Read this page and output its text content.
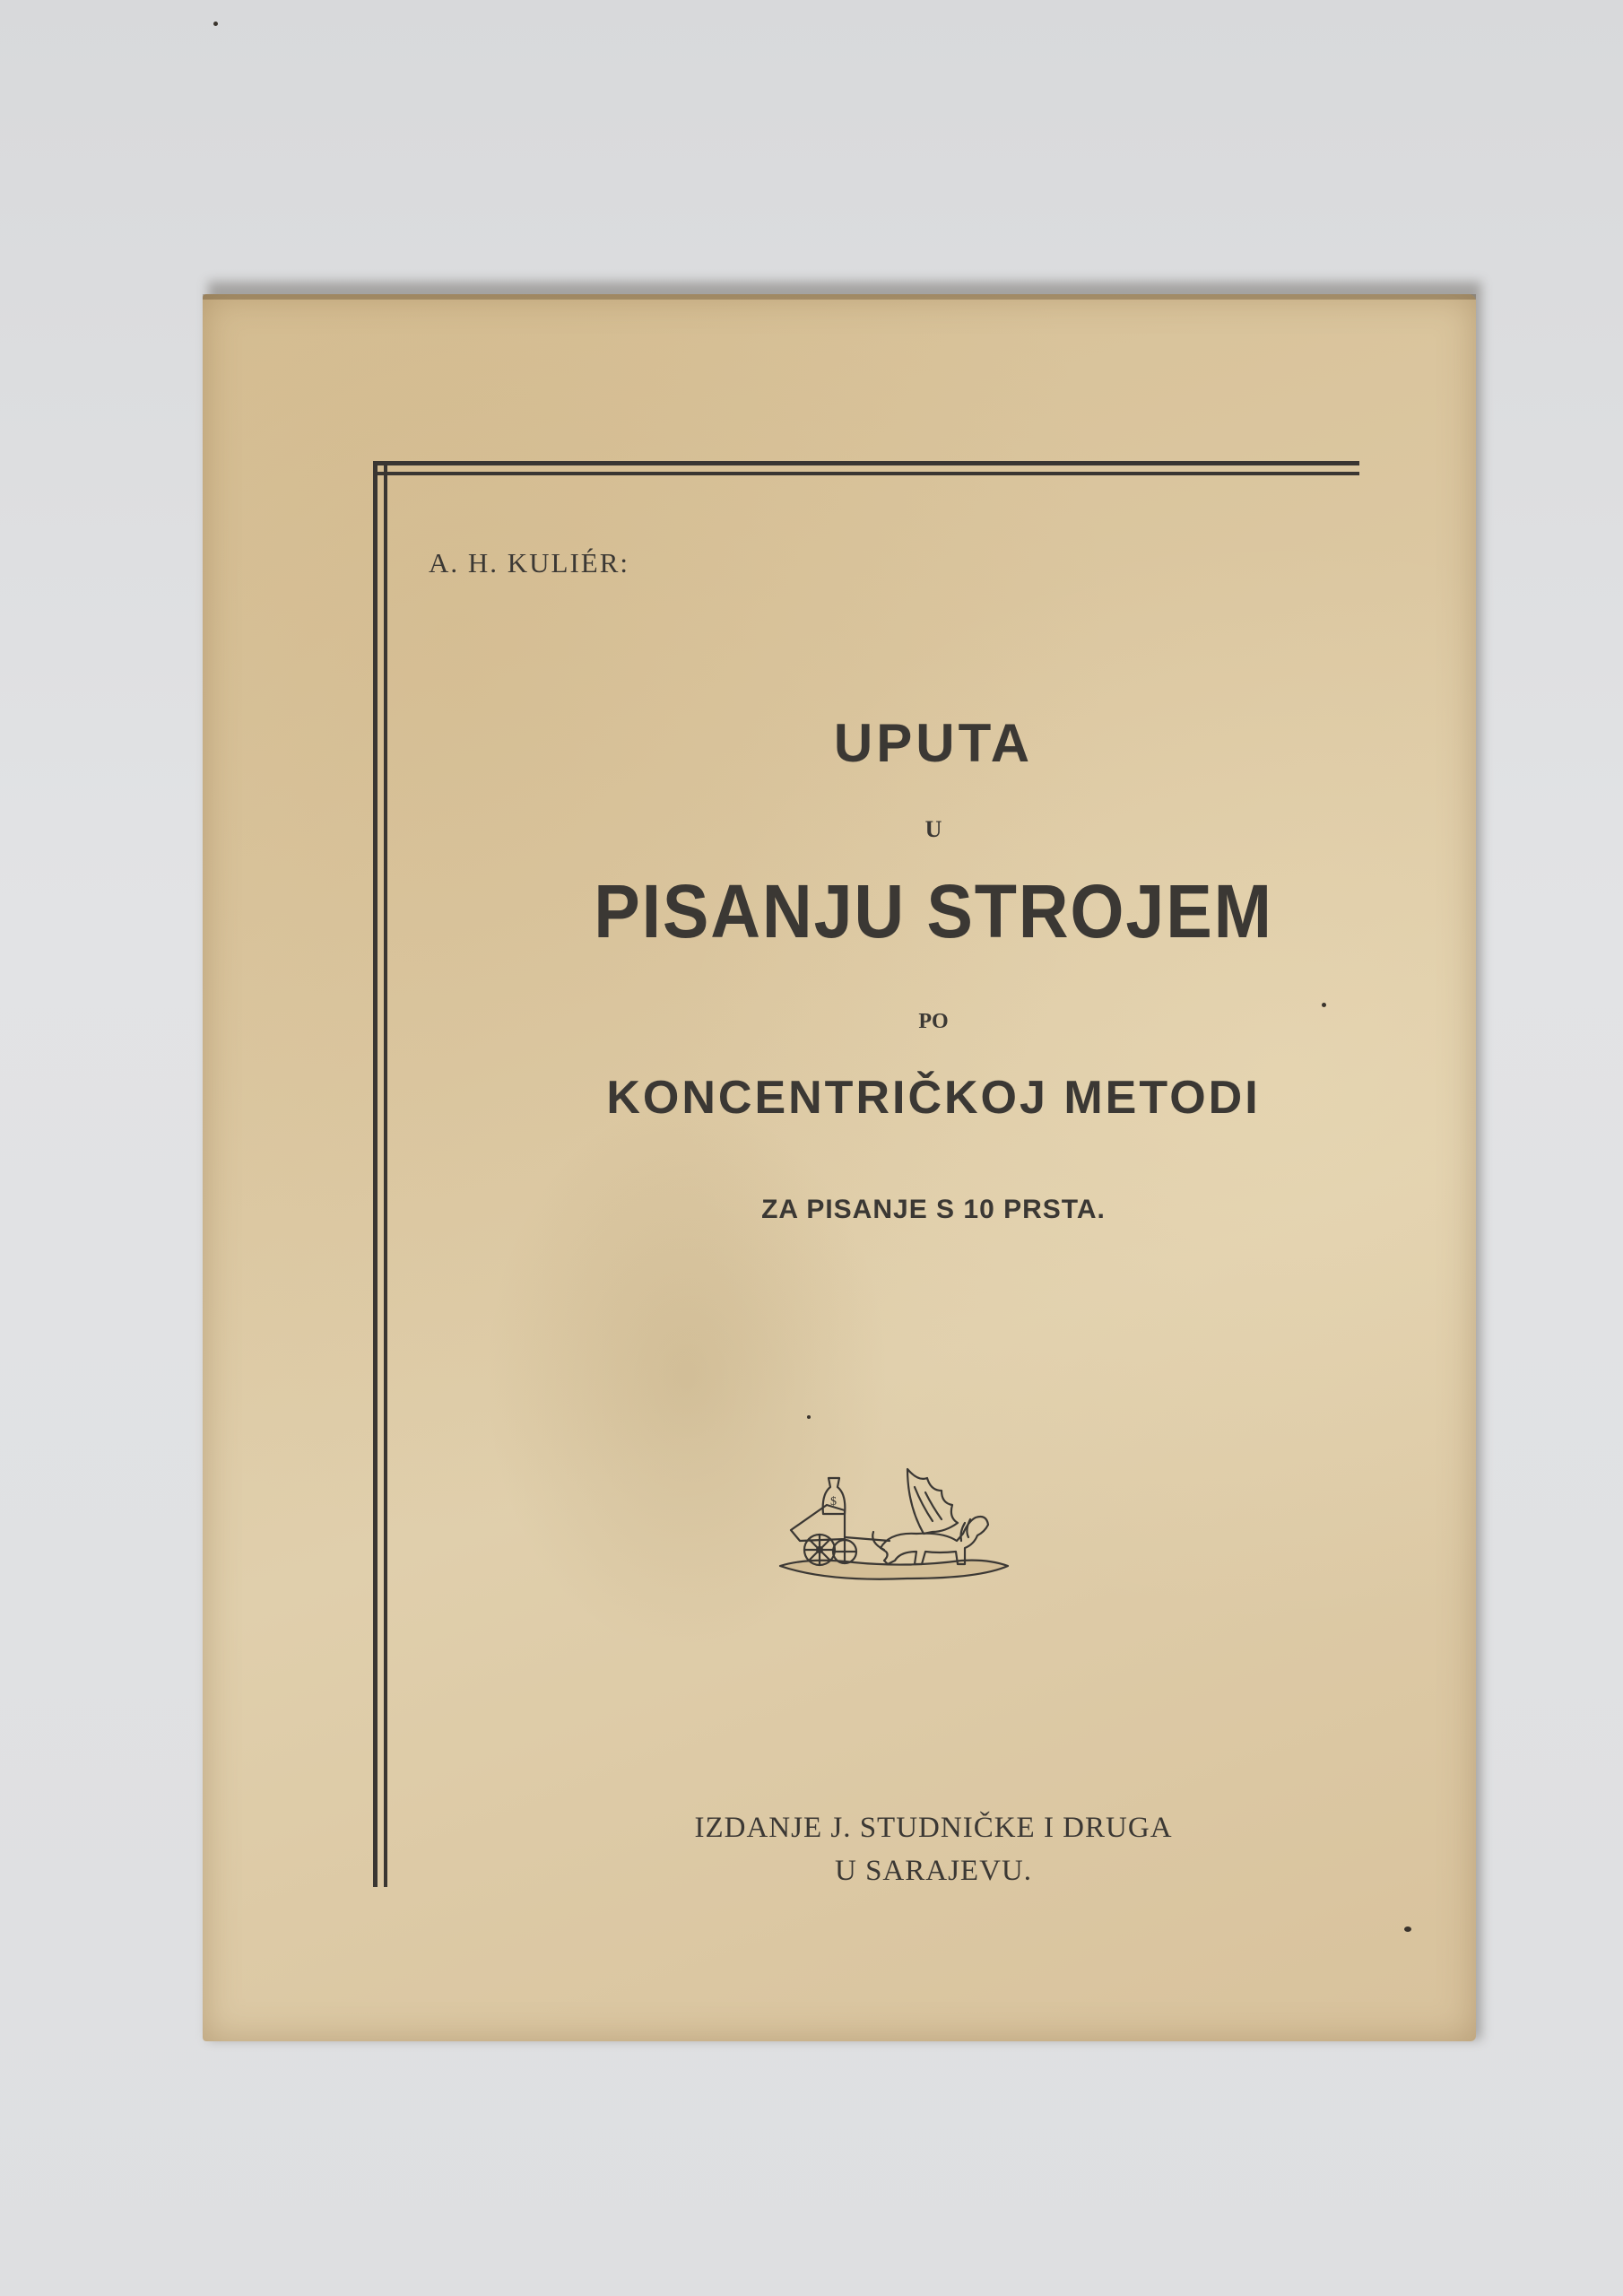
A. H. KULIÉR:
UPUTA
U
PISANJU STROJEM
PO
KONCENTRIČKOJ METODI
ZA PISANJE S 10 PRSTA.
$
IZDANJE J. STUDNIČKE I DRUGA
U SARAJEVU.
